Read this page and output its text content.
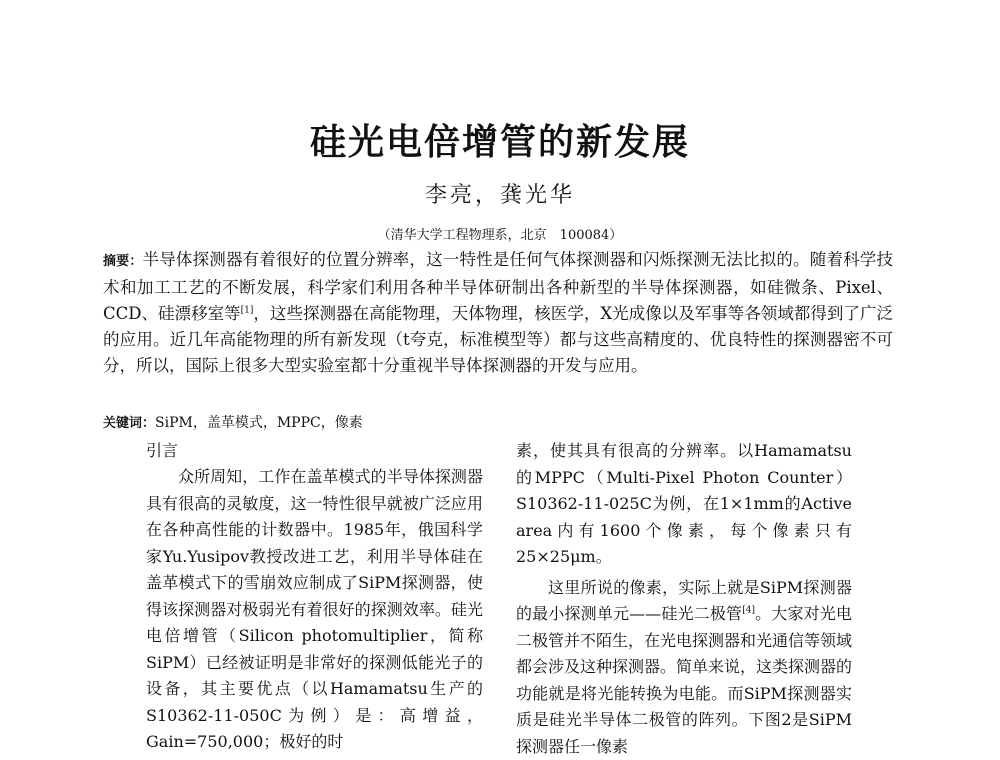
硅光电倍增管的新发展
李亮，龚光华
（清华大学工程物理系，北京　100084）

摘要：半导体探测器有着很好的位置分辨率，这一特性是任何气体探测器和闪烁探测无法比拟的。随着科学技术和加工工艺的不断发展，科学家们利用各种半导体研制出各种新型的半导体探测器，如硅微条、Pixel、CCD、硅漂移室等[1]，这些探测器在高能物理，天体物理，核医学，X光成像以及军事等各领域都得到了广泛的应用。近几年高能物理的所有新发现（t夸克，标准模型等）都与这些高精度的、优良特性的探测器密不可分，所以，国际上很多大型实验室都十分重视半导体探测器的开发与应用。

关键词：SiPM，盖革模式，MPPC，像素

引言

众所周知，工作在盖革模式的半导体探测器具有很高的灵敏度，这一特性很早就被广泛应用在各种高性能的计数器中。1985年，俄国科学家Yu.Yusipov教授改进工艺，利用半导体硅在盖革模式下的雪崩效应制成了SiPM探测器，使得该探测器对极弱光有着很好的探测效率。硅光电倍增管（Silicon photomultiplier，简称SiPM）已经被证明是非常好的探测低能光子的设备，其主要优点（以Hamamatsu生产的S10362-11-050C为例）是：高增益，Gain=750,000；极好的时

素，使其具有很高的分辨率。以Hamamatsu的MPPC（Multi-Pixel Photon Counter）S10362-11-025C为例，在1×1mm的Active area内有1600个像素，每个像素只有25×25μm。

这里所说的像素，实际上就是SiPM探测器的最小探测单元——硅光二极管[4]。大家对光电二极管并不陌生，在光电探测器和光通信等领域都会涉及这种探测器。简单来说，这类探测器的功能就是将光能转换为电能。而SiPM探测器实质是硅光半导体二极管的阵列。下图2是SiPM探测器任一像素
